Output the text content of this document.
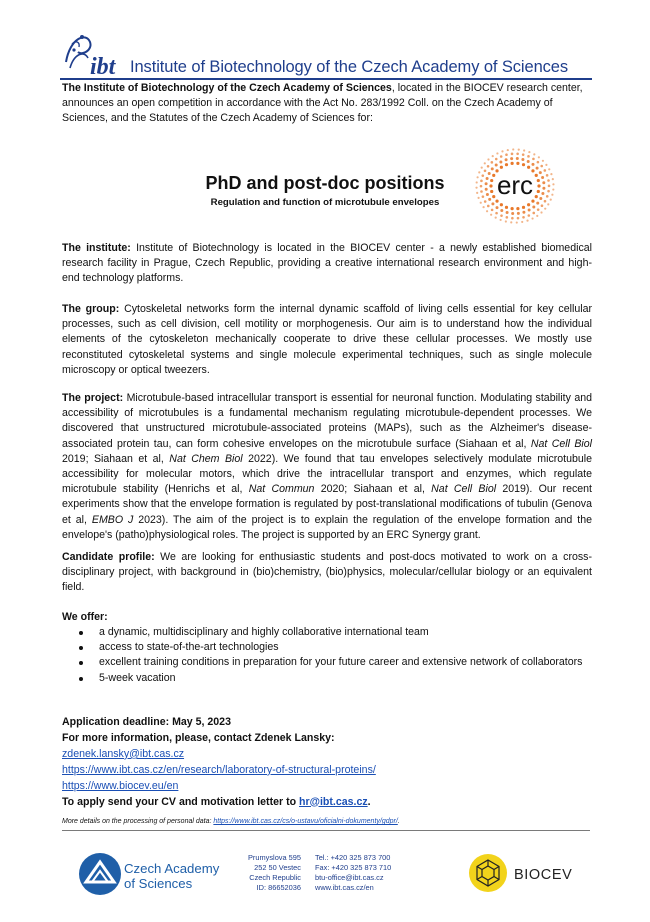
ibt Institute of Biotechnology of the Czech Academy of Sciences
The Institute of Biotechnology of the Czech Academy of Sciences, located in the BIOCEV research center, announces an open competition in accordance with the Act No. 283/1992 Coll. on the Czech Academy of Sciences, and the Statutes of the Czech Academy of Sciences for:
PhD and post-doc positions
Regulation and function of microtubule envelopes
erc
The institute: Institute of Biotechnology is located in the BIOCEV center - a newly established biomedical research facility in Prague, Czech Republic, providing a creative international research environment and high-end technology platforms.
The group: Cytoskeletal networks form the internal dynamic scaffold of living cells essential for key cellular processes, such as cell division, cell motility or morphogenesis. Our aim is to understand how the individual elements of the cytoskeleton mechanically cooperate to drive these cellular processes. We mostly use reconstituted cytoskeletal systems and single molecule experimental techniques, such as single molecule microscopy or optical tweezers.
The project: Microtubule-based intracellular transport is essential for neuronal function. Modulating stability and accessibility of microtubules is a fundamental mechanism regulating microtubule-dependent processes. We discovered that unstructured microtubule-associated proteins (MAPs), such as the Alzheimer's disease-associated protein tau, can form cohesive envelopes on the microtubule surface (Siahaan et al, Nat Cell Biol 2019; Siahaan et al, Nat Chem Biol 2022). We found that tau envelopes selectively modulate microtubule accessibility for molecular motors, which drive the intracellular transport and enzymes, which regulate microtubule stability (Henrichs et al, Nat Commun 2020; Siahaan et al, Nat Cell Biol 2019). Our recent experiments show that the envelope formation is regulated by post-translational modifications of tubulin (Genova et al, EMBO J 2023). The aim of the project is to explain the regulation of the envelope formation and the envelope's (patho)physiological roles. The project is supported by an ERC Synergy grant.
Candidate profile: We are looking for enthusiastic students and post-docs motivated to work on a cross-disciplinary project, with background in (bio)chemistry, (bio)physics, molecular/cellular biology or an equivalent field.
We offer:
a dynamic, multidisciplinary and highly collaborative international team
access to state-of-the-art technologies
excellent training conditions in preparation for your future career and extensive network of collaborators
5-week vacation
Application deadline: May 5, 2023
For more information, please, contact Zdenek Lansky:
zdenek.lansky@ibt.cas.cz
https://www.ibt.cas.cz/en/research/laboratory-of-structural-proteins/
https://www.biocev.eu/en
To apply send your CV and motivation letter to hr@ibt.cas.cz.
More details on the processing of personal data: https://www.ibt.cas.cz/cs/o-ustavu/oficialni-dokumenty/gdpr/.
Czech Academy
of Sciences
Prumyslova 595
252 50 Vestec
Czech Republic
ID: 86652036
Tel.: +420 325 873 700
Fax: +420 325 873 710
btu-office@ibt.cas.cz
www.ibt.cas.cz/en
BIOCEV
